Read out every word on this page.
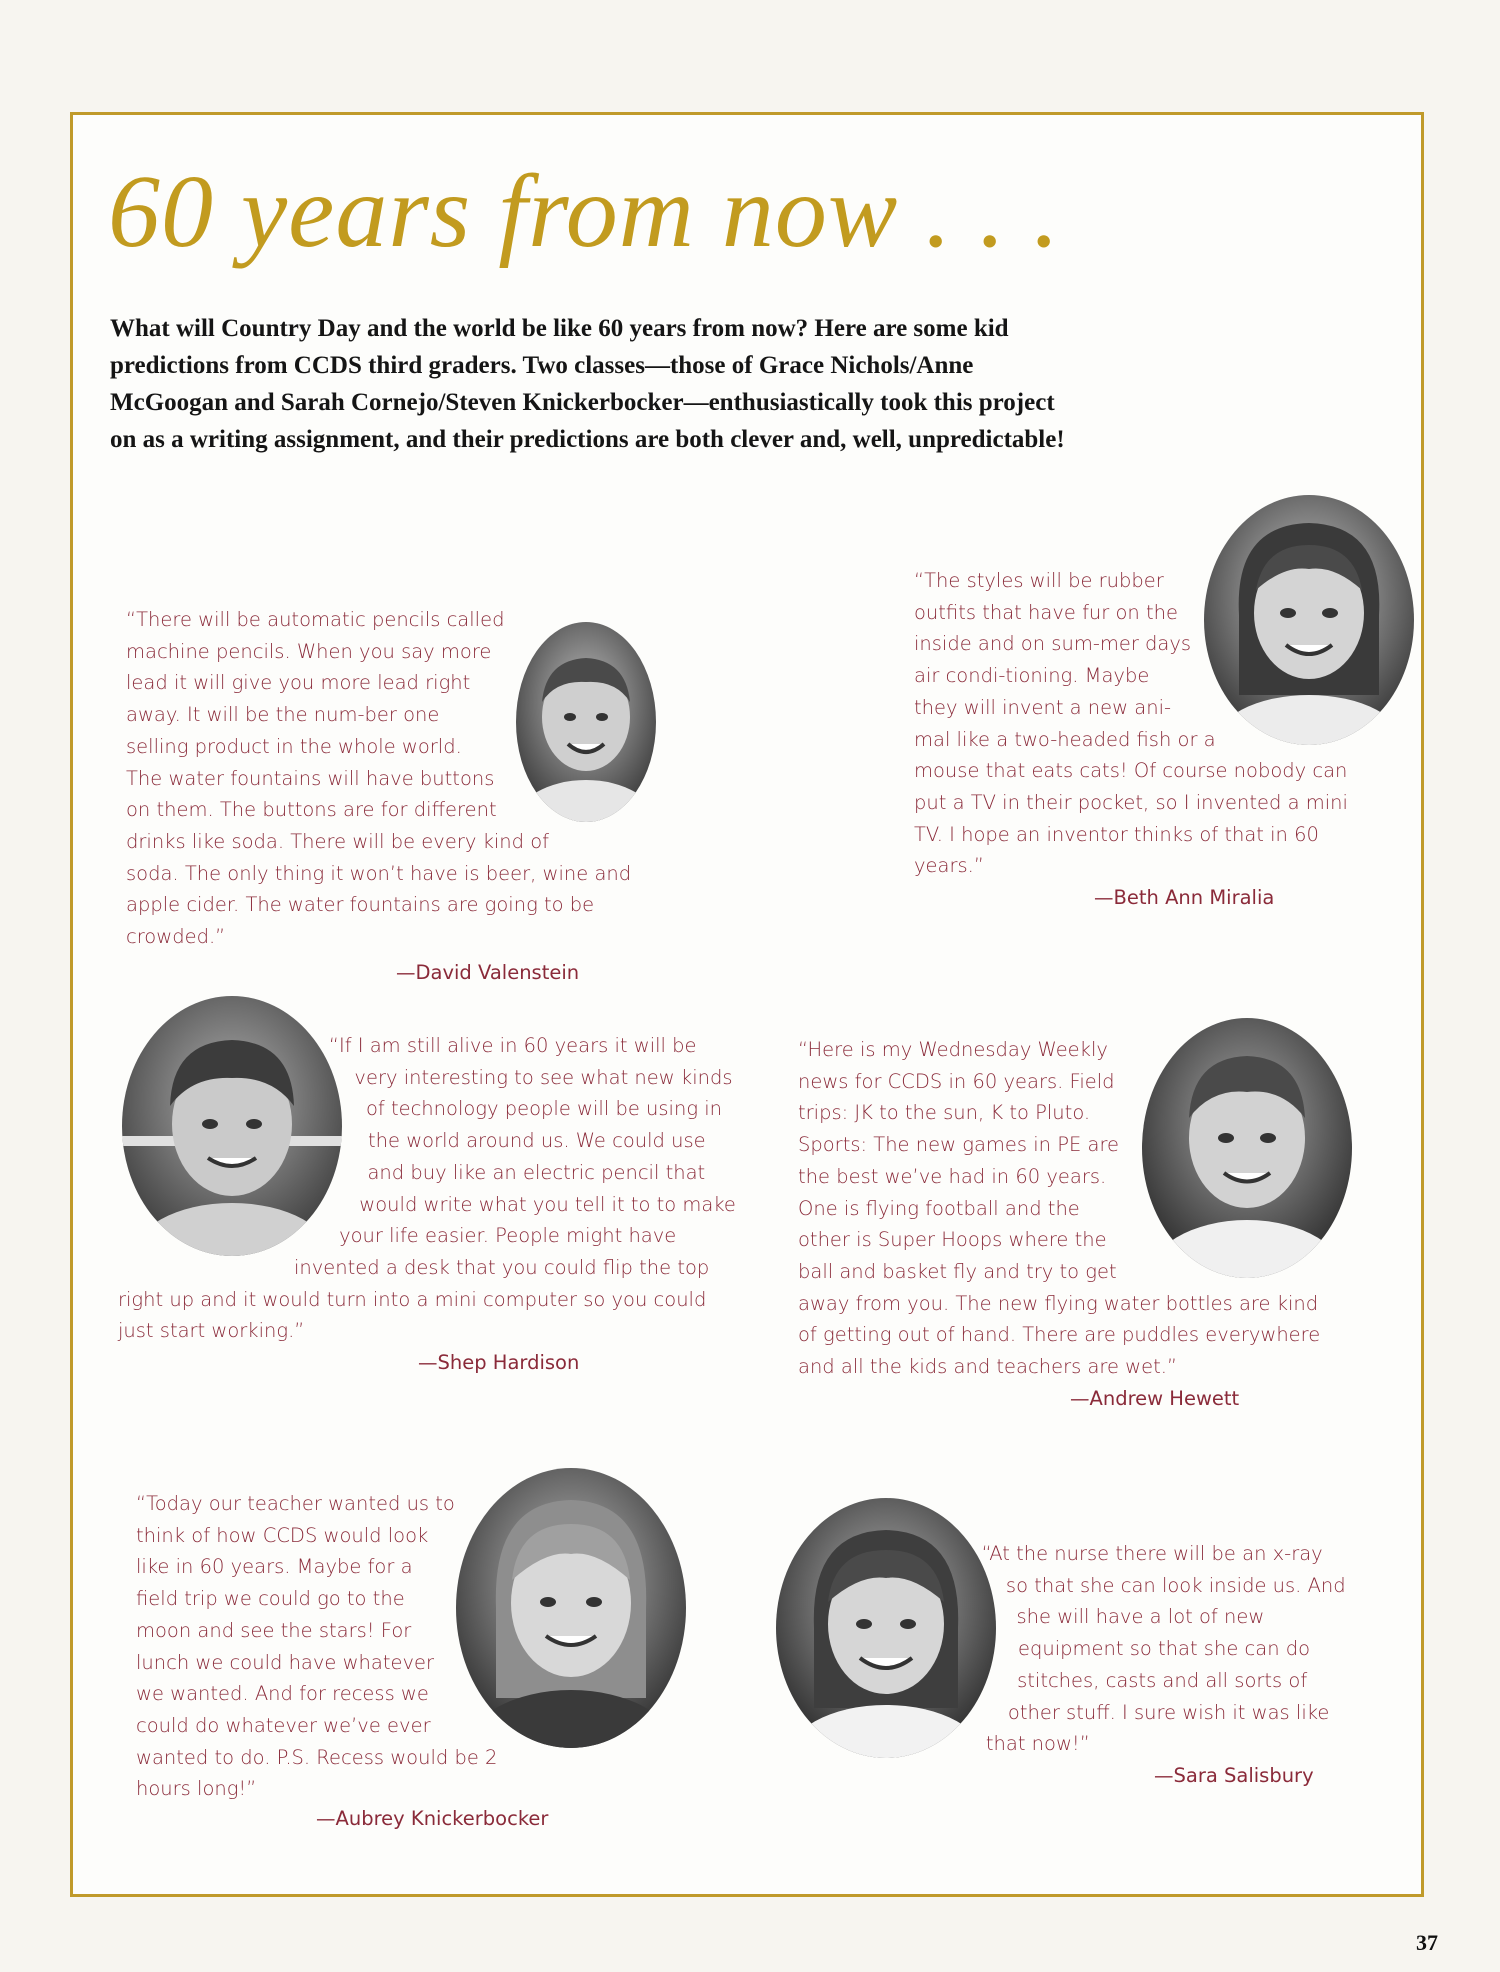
60 years from now . . .

What will Country Day and the world be like 60 years from now? Here are some kid predictions from CCDS third graders. Two classes—those of Grace Nichols/Anne McGoogan and Sarah Cornejo/Steven Knickerbocker—enthusiastically took this project on as a writing assignment, and their predictions are both clever and, well, unpredictable!

“There will be automatic pencils called machine pencils. When you say more lead it will give you more lead right away. It will be the num-ber one selling product in the whole world. The water fountains will have buttons on them. The buttons are for different drinks like soda. There will be every kind of soda. The only thing it won’t have is beer, wine and apple cider. The water fountains are going to be crowded.”

—David Valenstein

“The styles will be rubber outfits that have fur on the inside and on sum-mer days air condi-tioning. Maybe they will invent a new ani-mal like a two-headed fish or a mouse that eats cats! Of course nobody can put a TV in their pocket, so I invented a mini TV. I hope an inventor thinks of that in 60 years.”

—Beth Ann Miralia

“If I am still alive in 60 years it will be very interesting to see what new kinds of technology people will be using in the world around us. We could use and buy like an electric pencil that would write what you tell it to to make your life easier. People might have invented a desk that you could flip the top right up and it would turn into a mini computer so you could just start working.”

—Shep Hardison

“Here is my Wednesday Weekly news for CCDS in 60 years. Field trips: JK to the sun, K to Pluto. Sports: The new games in PE are the best we’ve had in 60 years. One is flying football and the other is Super Hoops where the ball and basket fly and try to get away from you. The new flying water bottles are kind of getting out of hand. There are puddles everywhere and all the kids and teachers are wet.”

—Andrew Hewett

“Today our teacher wanted us to think of how CCDS would look like in 60 years. Maybe for a field trip we could go to the moon and see the stars! For lunch we could have whatever we wanted. And for recess we could do whatever we’ve ever wanted to do. P.S. Recess would be 2 hours long!”

—Aubrey Knickerbocker

“At the nurse there will be an x-ray so that she can look inside us. And she will have a lot of new equipment so that she can do stitches, casts and all sorts of other stuff. I sure wish it was like that now!”

—Sara Salisbury

37
